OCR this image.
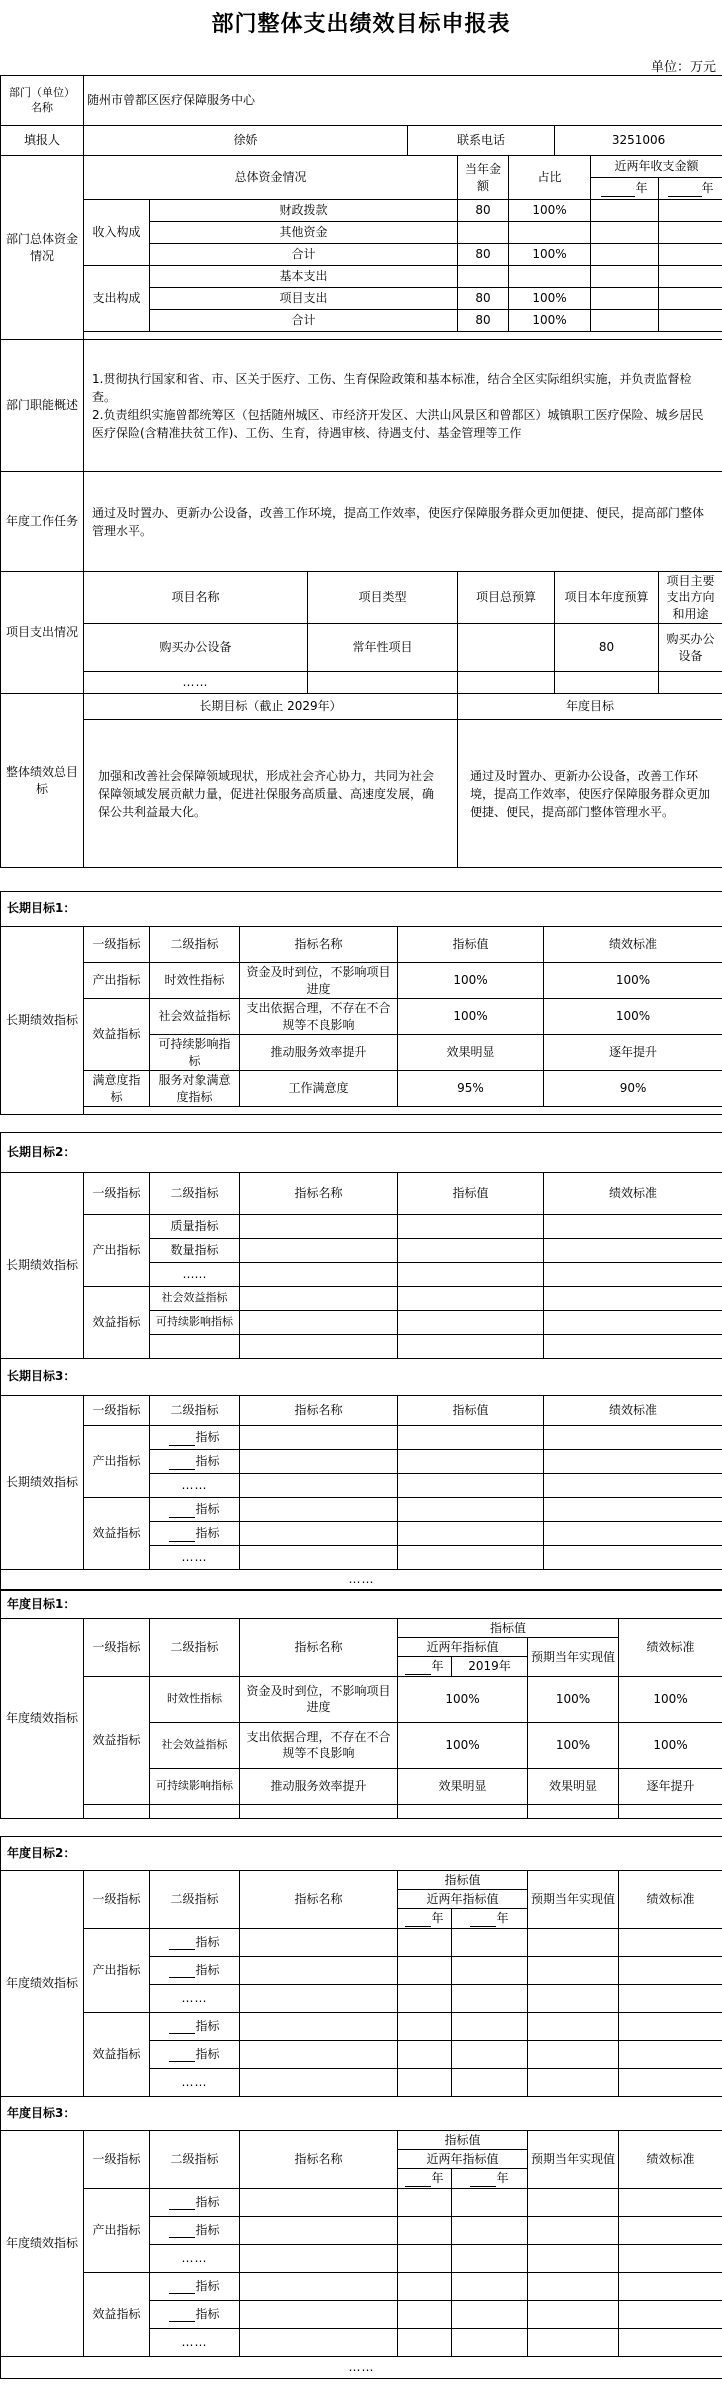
部门整体支出绩效目标申报表
单位：万元
部门（单位）名称	随州市曾都区医疗保障服务中心								
填报人	徐娇			联系电话			3251006		
部门总体资金情况	总体资金情况				当年金额	占比		近两年收支金额	
								年	年
	收入构成	财政拨款			80	100%			
		其他资金							
		合计			80	100%			
	支出构成	基本支出							
		项目支出			80	100%			
		合计			80	100%			

部门职能概述	1.贯彻执行国家和省、市、区关于医疗、工伤、生育保险政策和基本标准，结合全区实际组织实施，并负责监督检查。
2.负责组织实施曾都统筹区（包括随州城区、市经济开发区、大洪山风景区和曾都区）城镇职工医疗保险、城乡居民医疗保险(含精准扶贫工作)、工伤、生育，待遇审核、待遇支付、基金管理等工作								

年度工作任务	通过及时置办、更新办公设备，改善工作环境，提高工作效率，使医疗保障服务群众更加便捷、便民，提高部门整体管理水平。								
项目支出情况	项目名称		项目类型		项目总预算		项目本年度预算		项目主要支出方向和用途
	购买办公设备		常年性项目				80		购买办公设备
	……								
整体绩效总目标	长期目标（截止 2029年）				年度目标				
	加强和改善社会保障领域现状，形成社会齐心协力，共同为社会保障领域发展贡献力量，促进社保服务高质量、高速度发展，确保公共利益最大化。				通过及时置办、更新办公设备，改善工作环境，提高工作效率，使医疗保障服务群众更加便捷、便民，提高部门整体管理水平。				
长期目标1：					
长期绩效指标	一级指标	二级指标	指标名称	指标值	绩效标准
	产出指标	时效性指标	资金及时到位，不影响项目进度	100%	100%
	效益指标	社会效益指标	支出依据合理，不存在不合规等不良影响	100%	100%
		可持续影响指标	推动服务效率提升	效果明显	逐年提升
	满意度指标	服务对象满意度指标	工作满意度	95%	90%

长期目标2：					
长期绩效指标	一级指标	二级指标	指标名称	指标值	绩效标准
	产出指标	质量指标			
		数量指标			
		……			
	效益指标	社会效益指标			
		可持续影响指标			

长期目标3：					
长期绩效指标	一级指标	二级指标	指标名称	指标值	绩效标准
	产出指标	指标			
		指标			
		……			
	效益指标	指标			
		指标			
		……			
……					
年度目标1：							
年度绩效指标	一级指标	二级指标	指标名称	指标值			绩效标准
				近两年指标值		预期当年实现值	
				年	2019年		
	效益指标	时效性指标	资金及时到位，不影响项目进度	100%		100%	100%
		社会效益指标	支出依据合理，不存在不合规等不良影响	100%		100%	100%
		可持续影响指标	推动服务效率提升	效果明显		效果明显	逐年提升

年度目标2：							
年度绩效指标	一级指标	二级指标	指标名称	指标值		预期当年实现值	绩效标准
				近两年指标值			
				年	年		
	产出指标	指标					
		指标					
		……					
	效益指标	指标					
		指标					
		……					
年度目标3：							
年度绩效指标	一级指标	二级指标	指标名称	指标值		预期当年实现值	绩效标准
				近两年指标值			
				年	年		
	产出指标	指标					
		指标					
		……					
	效益指标	指标					
		指标					
		……					
……							
